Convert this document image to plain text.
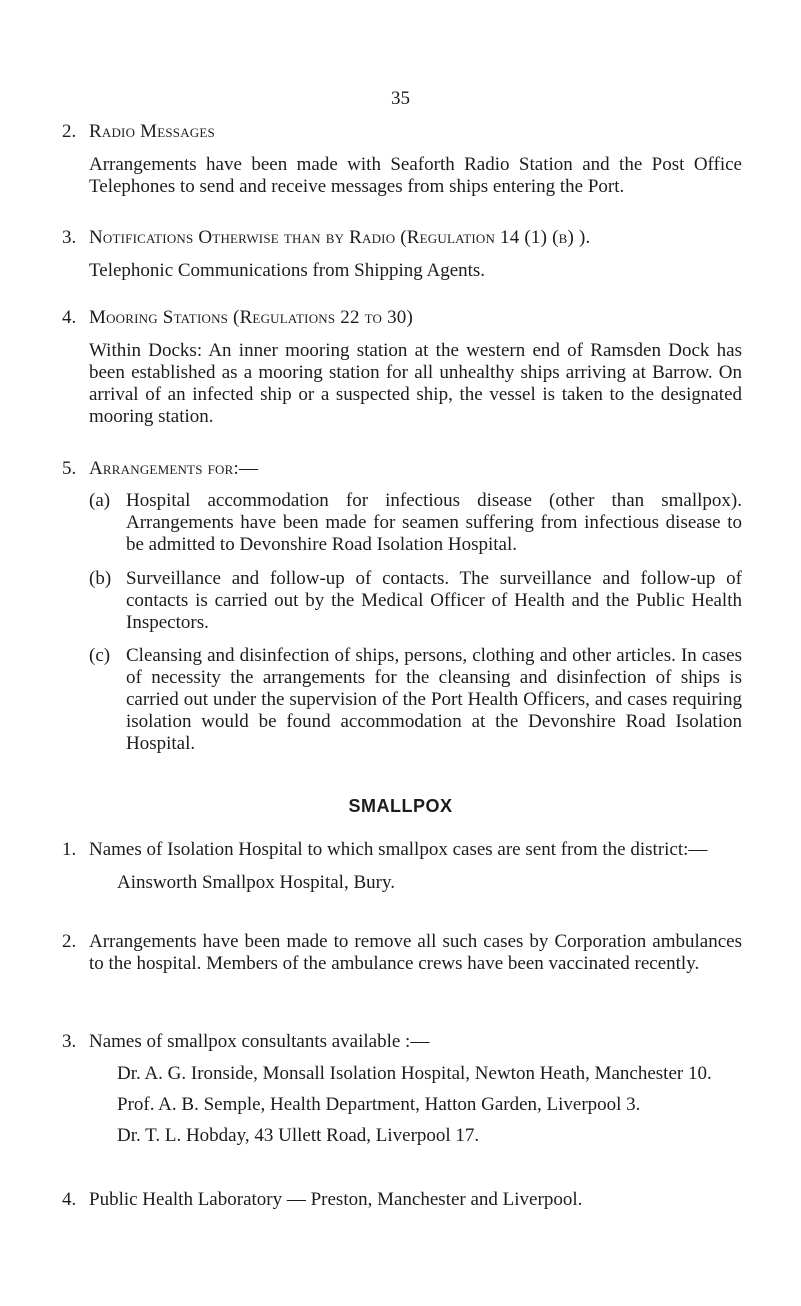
35
2. Radio Messages
Arrangements have been made with Seaforth Radio Station and the Post Office Telephones to send and receive messages from ships entering the Port.
3. Notifications Otherwise than by Radio (Regulation 14 (1) (b) ).
Telephonic Communications from Shipping Agents.
4. Mooring Stations (Regulations 22 to 30)
Within Docks: An inner mooring station at the western end of Ramsden Dock has been established as a mooring station for all unhealthy ships arriving at Barrow. On arrival of an infected ship or a suspected ship, the vessel is taken to the designated mooring station.
5. Arrangements for:—
(a) Hospital accommodation for infectious disease (other than smallpox). Arrangements have been made for seamen suffering from infectious disease to be admitted to Devonshire Road Isolation Hospital.
(b) Surveillance and follow-up of contacts. The surveillance and follow-up of contacts is carried out by the Medical Officer of Health and the Public Health Inspectors.
(c) Cleansing and disinfection of ships, persons, clothing and other articles. In cases of necessity the arrangements for the cleansing and disinfection of ships is carried out under the supervision of the Port Health Officers, and cases requiring isolation would be found accommodation at the Devonshire Road Isolation Hospital.
SMALLPOX
1. Names of Isolation Hospital to which smallpox cases are sent from the district:—
Ainsworth Smallpox Hospital, Bury.
2. Arrangements have been made to remove all such cases by Corporation ambulances to the hospital. Members of the ambulance crews have been vaccinated recently.
3. Names of smallpox consultants available :—
Dr. A. G. Ironside, Monsall Isolation Hospital, Newton Heath, Manchester 10.
Prof. A. B. Semple, Health Department, Hatton Garden, Liverpool 3.
Dr. T. L. Hobday, 43 Ullett Road, Liverpool 17.
4. Public Health Laboratory — Preston, Manchester and Liverpool.
